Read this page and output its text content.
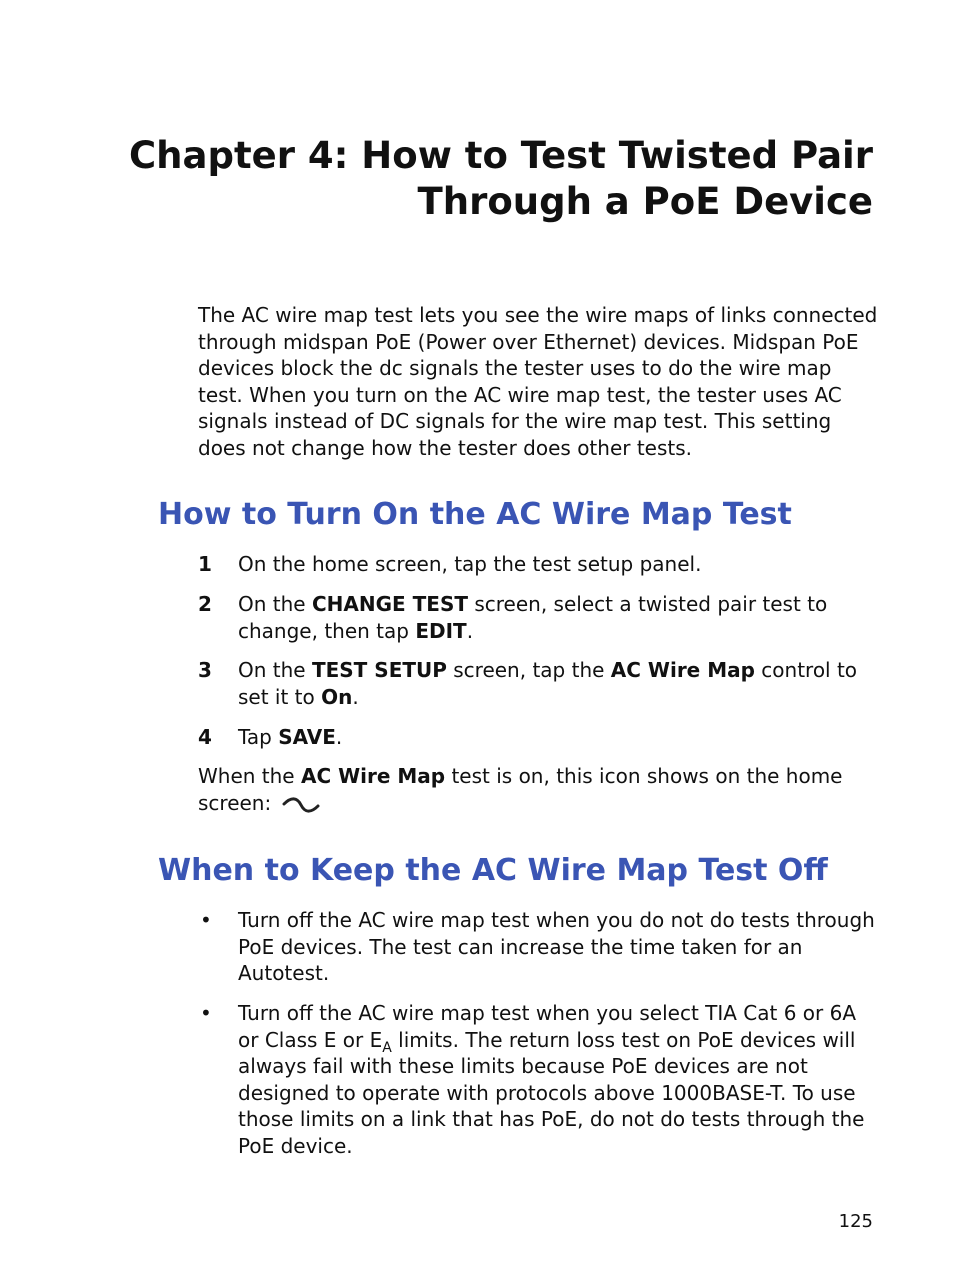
Chapter 4: How to Test Twisted Pair
Through a PoE Device

The AC wire map test lets you see the wire maps of links connected through midspan PoE (Power over Ethernet) devices. Midspan PoE devices block the dc signals the tester uses to do the wire map test. When you turn on the AC wire map test, the tester uses AC signals instead of DC signals for the wire map test. This setting does not change how the tester does other tests.

How to Turn On the AC Wire Map Test
1 On the home screen, tap the test setup panel.
2 On the CHANGE TEST screen, select a twisted pair test to change, then tap EDIT.
3 On the TEST SETUP screen, tap the AC Wire Map control to set it to On.
4 Tap SAVE.
When the AC Wire Map test is on, this icon shows on the home screen:
When to Keep the AC Wire Map Test Off
• Turn off the AC wire map test when you do not do tests through PoE devices. The test can increase the time taken for an Autotest.
• Turn off the AC wire map test when you select TIA Cat 6 or 6A or Class E or $E_A$ limits. The return loss test on PoE devices will always fail with these limits because PoE devices are not designed to operate with protocols above 1000BASE-T. To use those limits on a link that has PoE, do not do tests through the PoE device.
125
